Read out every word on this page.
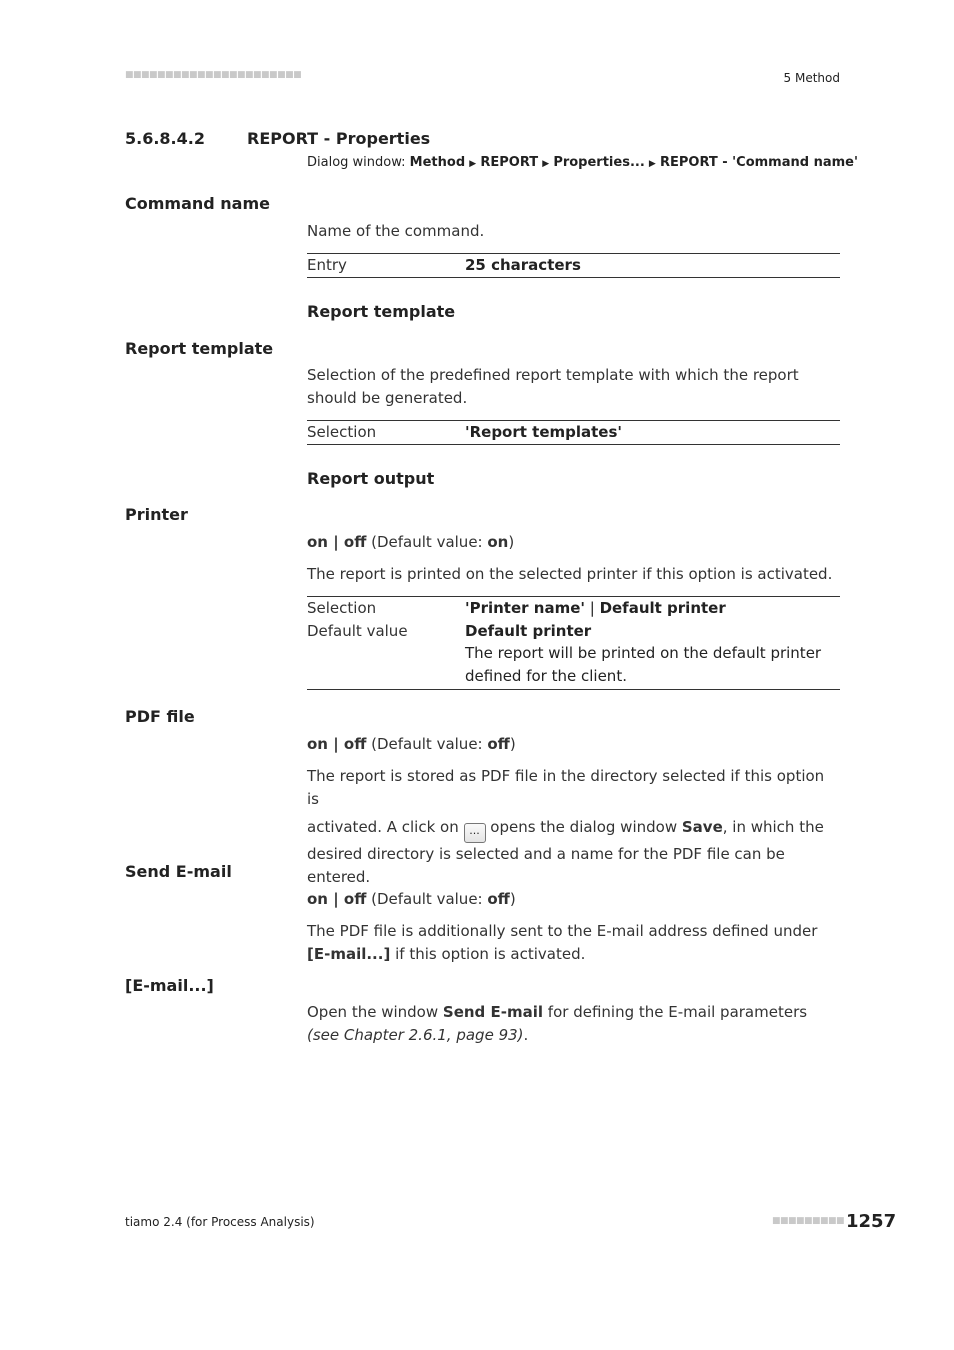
■■■■■■■■■■■■■■■■■■■■■■	5 Method
5.6.8.4.2	REPORT - Properties
Dialog window: Method ▶ REPORT ▶ Properties... ▶ REPORT - 'Command name'
Command name
Name of the command.
Entry	25 characters
Report template
Report template
Selection of the predefined report template with which the report should be generated.
Selection	'Report templates'
Report output
Printer
on | off (Default value: on)
The report is printed on the selected printer if this option is activated.
Selection	'Printer name' | Default printer
Default value	Default printer
The report will be printed on the default printer defined for the client.
PDF file
on | off (Default value: off)
The report is stored as PDF file in the directory selected if this option is
activated. A click on ... opens the dialog window Save, in which the
desired directory is selected and a name for the PDF file can be entered.
Send E-mail
on | off (Default value: off)
The PDF file is additionally sent to the E-mail address defined under [E-mail...] if this option is activated.
[E-mail...]
Open the window Send E-mail for defining the E-mail parameters (see Chapter 2.6.1, page 93).
tiamo 2.4 (for Process Analysis)	■■■■■■■■■ 1257
